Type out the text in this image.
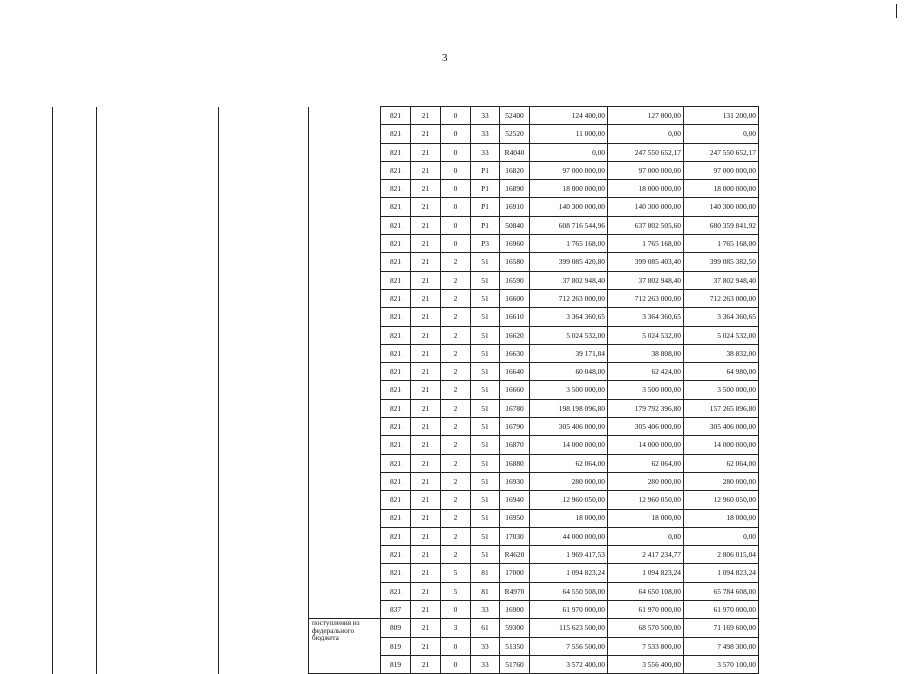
3
				821	21	0	33	52400	124 400,00	127 800,00	131 200,00
				821	21	0	33	52520	11 000,00	0,00	0,00
				821	21	0	33	R4040	0,00	247 550 652,17	247 550 652,17
				821	21	0	P1	16820	97 000 000,00	97 000 000,00	97 000 000,00
				821	21	0	P1	16890	18 000 000,00	18 000 000,00	18 000 000,00
				821	21	0	P1	16910	140 300 000,00	140 300 000,00	140 300 000,00
				821	21	0	P1	50840	608 716 544,96	637 802 505,60	680 359 841,92
				821	21	0	P3	16960	1 765 168,00	1 765 168,00	1 765 168,00
				821	21	2	51	16580	399 085 420,80	399 085 403,40	399 085 382,50
				821	21	2	51	16590	37 802 948,40	37 802 948,40	37 802 948,40
				821	21	2	51	16600	712 263 000,00	712 263 000,00	712 263 000,00
				821	21	2	51	16610	3 364 360,65	3 364 360,65	3 364 360,65
				821	21	2	51	16620	5 024 532,00	5 024 532,00	5 024 532,00
				821	21	2	51	16630	39 171,84	38 808,00	38 832,00
				821	21	2	51	16640	60 048,00	62 424,00	64 980,00
				821	21	2	51	16660	3 500 000,00	3 500 000,00	3 500 000,00
				821	21	2	51	16780	198 198 096,80	179 792 396,80	157 265 896,80
				821	21	2	51	16790	305 406 000,00	305 406 000,00	305 406 000,00
				821	21	2	51	16870	14 000 000,00	14 000 000,00	14 000 000,00
				821	21	2	51	16880	62 064,00	62 064,00	62 064,00
				821	21	2	51	16930	280 000,00	280 000,00	280 000,00
				821	21	2	51	16940	12 960 050,00	12 960 050,00	12 960 050,00
				821	21	2	51	16950	18 000,00	18 000,00	18 000,00
				821	21	2	51	17030	44 000 000,00	0,00	0,00
				821	21	2	51	R4620	1 969 417,53	2 417 234,77	2 806 015,04
				821	21	5	81	17000	1 094 823,24	1 094 823,24	1 094 823,24
				821	21	5	81	R4970	64 550 508,00	64 650 108,00	65 784 608,00
				837	21	0	33	16900	61 970 000,00	61 970 000,00	61 970 000,00
			поступления из федерального бюджета	809	21	3	61	59300	115 623 500,00	68 570 500,00	71 169 600,00
				819	21	0	33	51350	7 556 500,00	7 533 800,00	7 498 300,00
				819	21	0	33	51760	3 572 400,00	3 556 400,00	3 570 100,00
